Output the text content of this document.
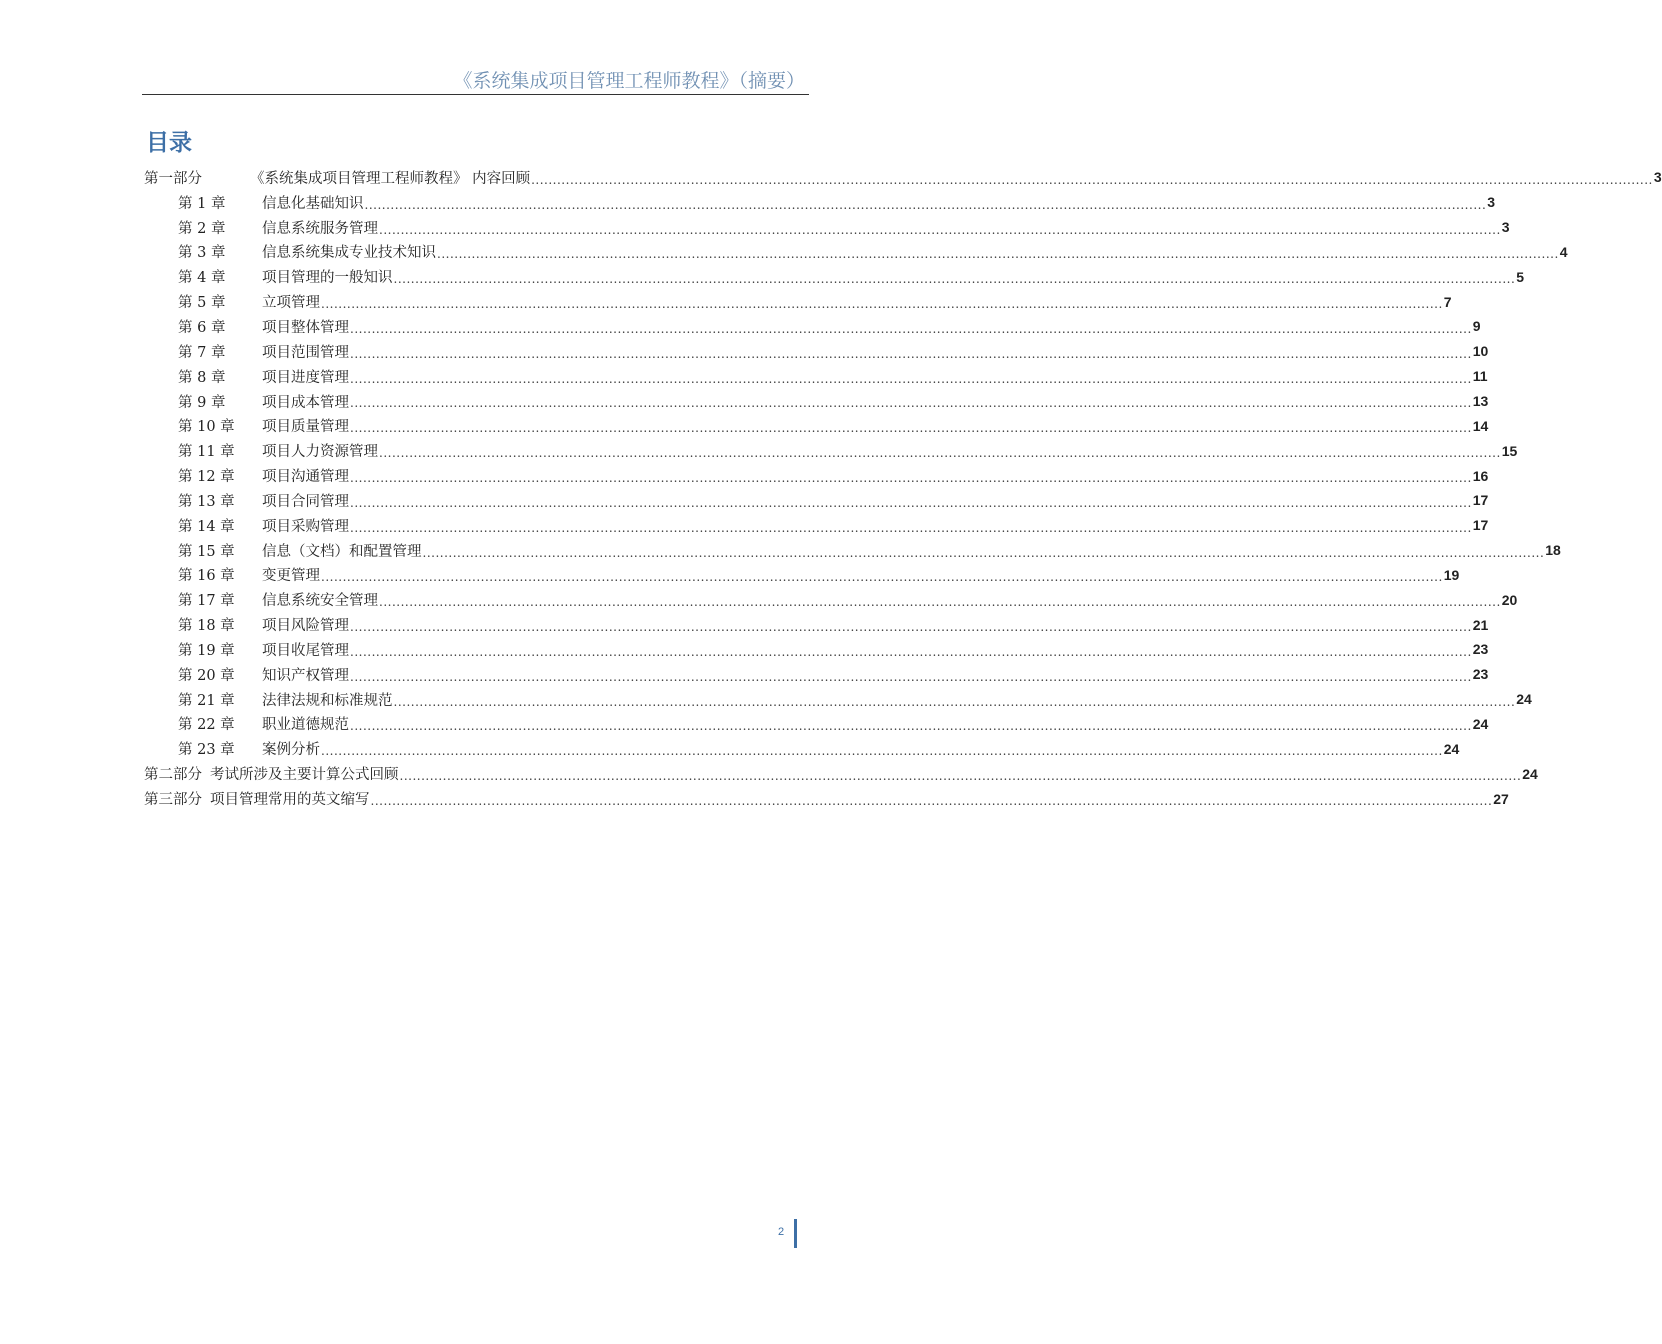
《系统集成项目管理工程师教程》（摘要）
目录
第一部分	《系统集成项目管理工程师教程》 内容回顾 .................................................................................................................................................................................................................................................................... 3
第 1 章	信息化基础知识 .................................................................................................................................................................................................................................................................... 3
第 2 章	信息系统服务管理 .................................................................................................................................................................................................................................................................... 3
第 3 章	信息系统集成专业技术知识 .................................................................................................................................................................................................................................................................... 4
第 4 章	项目管理的一般知识 .................................................................................................................................................................................................................................................................... 5
第 5 章	立项管理 .................................................................................................................................................................................................................................................................... 7
第 6 章	项目整体管理 .................................................................................................................................................................................................................................................................... 9
第 7 章	项目范围管理 .................................................................................................................................................................................................................................................................... 10
第 8 章	项目进度管理 .................................................................................................................................................................................................................................................................... 11
第 9 章	项目成本管理 .................................................................................................................................................................................................................................................................... 13
第 10 章	项目质量管理 .................................................................................................................................................................................................................................................................... 14
第 11 章	项目人力资源管理 .................................................................................................................................................................................................................................................................... 15
第 12 章	项目沟通管理 .................................................................................................................................................................................................................................................................... 16
第 13 章	项目合同管理 .................................................................................................................................................................................................................................................................... 17
第 14 章	项目采购管理 .................................................................................................................................................................................................................................................................... 17
第 15 章	信息（文档）和配置管理 .................................................................................................................................................................................................................................................................... 18
第 16 章	变更管理 .................................................................................................................................................................................................................................................................... 19
第 17 章	信息系统安全管理 .................................................................................................................................................................................................................................................................... 20
第 18 章	项目风险管理 .................................................................................................................................................................................................................................................................... 21
第 19 章	项目收尾管理 .................................................................................................................................................................................................................................................................... 23
第 20 章	知识产权管理 .................................................................................................................................................................................................................................................................... 23
第 21 章	法律法规和标准规范 .................................................................................................................................................................................................................................................................... 24
第 22 章	职业道德规范 .................................................................................................................................................................................................................................................................... 24
第 23 章	案例分析 .................................................................................................................................................................................................................................................................... 24
第二部分 考试所涉及主要计算公式回顾 .................................................................................................................................................................................................................................................................... 24
第三部分 项目管理常用的英文缩写 .................................................................................................................................................................................................................................................................... 27
2
